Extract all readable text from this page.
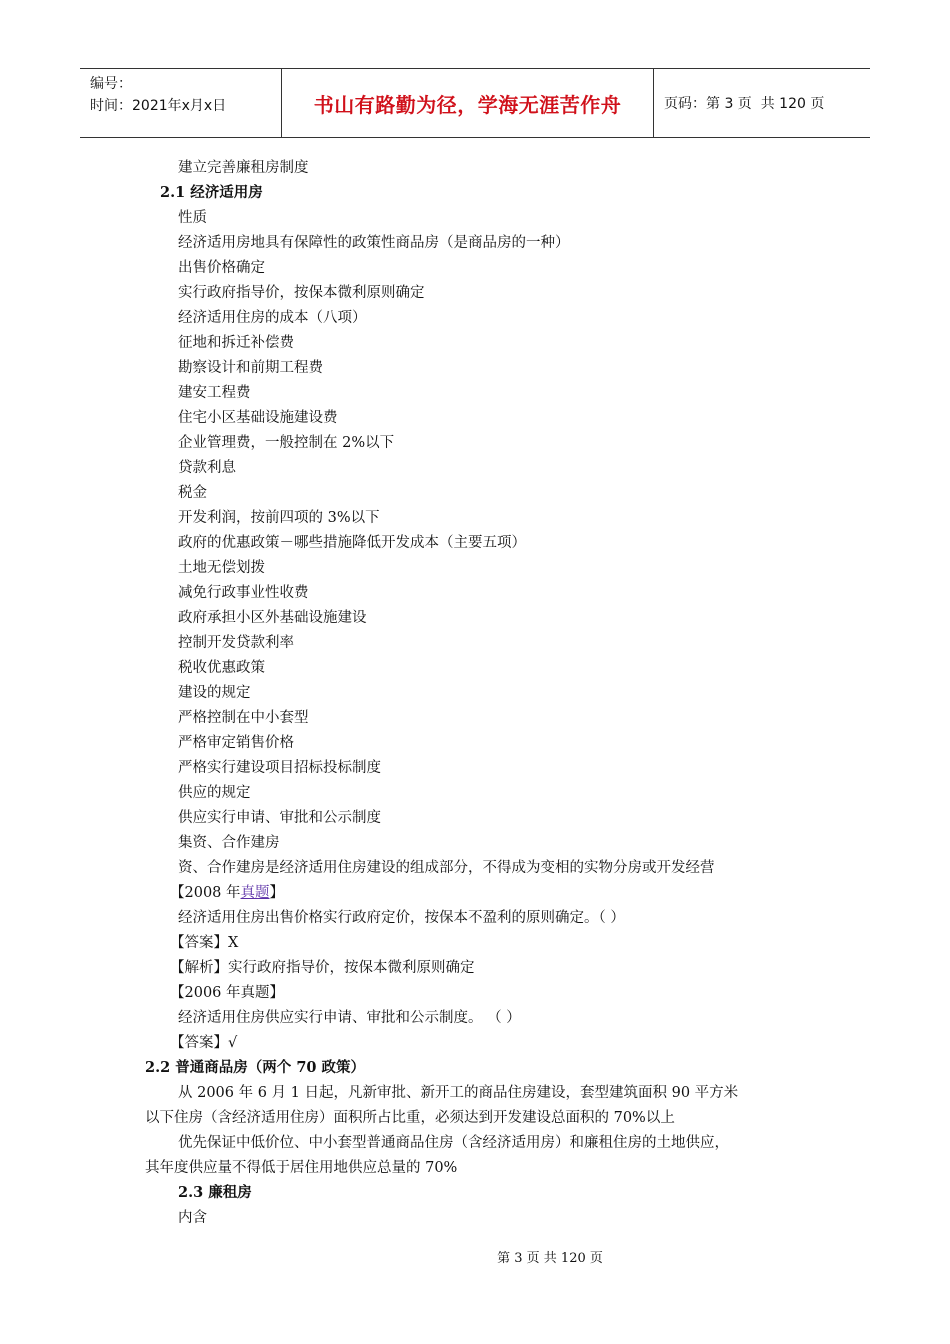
编号：
时间：2021年x月x日	书山有路勤为径，学海无涯苦作舟	页码：第 3 页  共 120 页
建立完善廉租房制度
2.1 经济适用房
性质
经济适用房地具有保障性的政策性商品房（是商品房的一种）
出售价格确定
实行政府指导价，按保本微利原则确定
经济适用住房的成本（八项）
征地和拆迁补偿费
勘察设计和前期工程费
建安工程费
住宅小区基础设施建设费
企业管理费，一般控制在 2%以下
贷款利息
税金
开发利润，按前四项的 3%以下
政府的优惠政策－哪些措施降低开发成本（主要五项）
土地无偿划拨
减免行政事业性收费
政府承担小区外基础设施建设
控制开发贷款利率
税收优惠政策
建设的规定
严格控制在中小套型
严格审定销售价格
严格实行建设项目招标投标制度
供应的规定
供应实行申请、审批和公示制度
集资、合作建房
资、合作建房是经济适用住房建设的组成部分，不得成为变相的实物分房或开发经营
【2008 年真题】
经济适用住房出售价格实行政府定价，按保本不盈利的原则确定。（ ）
【答案】X
【解析】实行政府指导价，按保本微利原则确定
【2006 年真题】
经济适用住房供应实行申请、审批和公示制度。 （ ）
【答案】√
2.2 普通商品房（两个 70 政策）
从 2006 年 6 月 1 日起，凡新审批、新开工的商品住房建设，套型建筑面积 90 平方米
以下住房（含经济适用住房）面积所占比重，必须达到开发建设总面积的 70%以上
优先保证中低价位、中小套型普通商品住房（含经济适用房）和廉租住房的土地供应，
其年度供应量不得低于居住用地供应总量的 70%
2.3 廉租房
内含
第 3 页 共 120 页
